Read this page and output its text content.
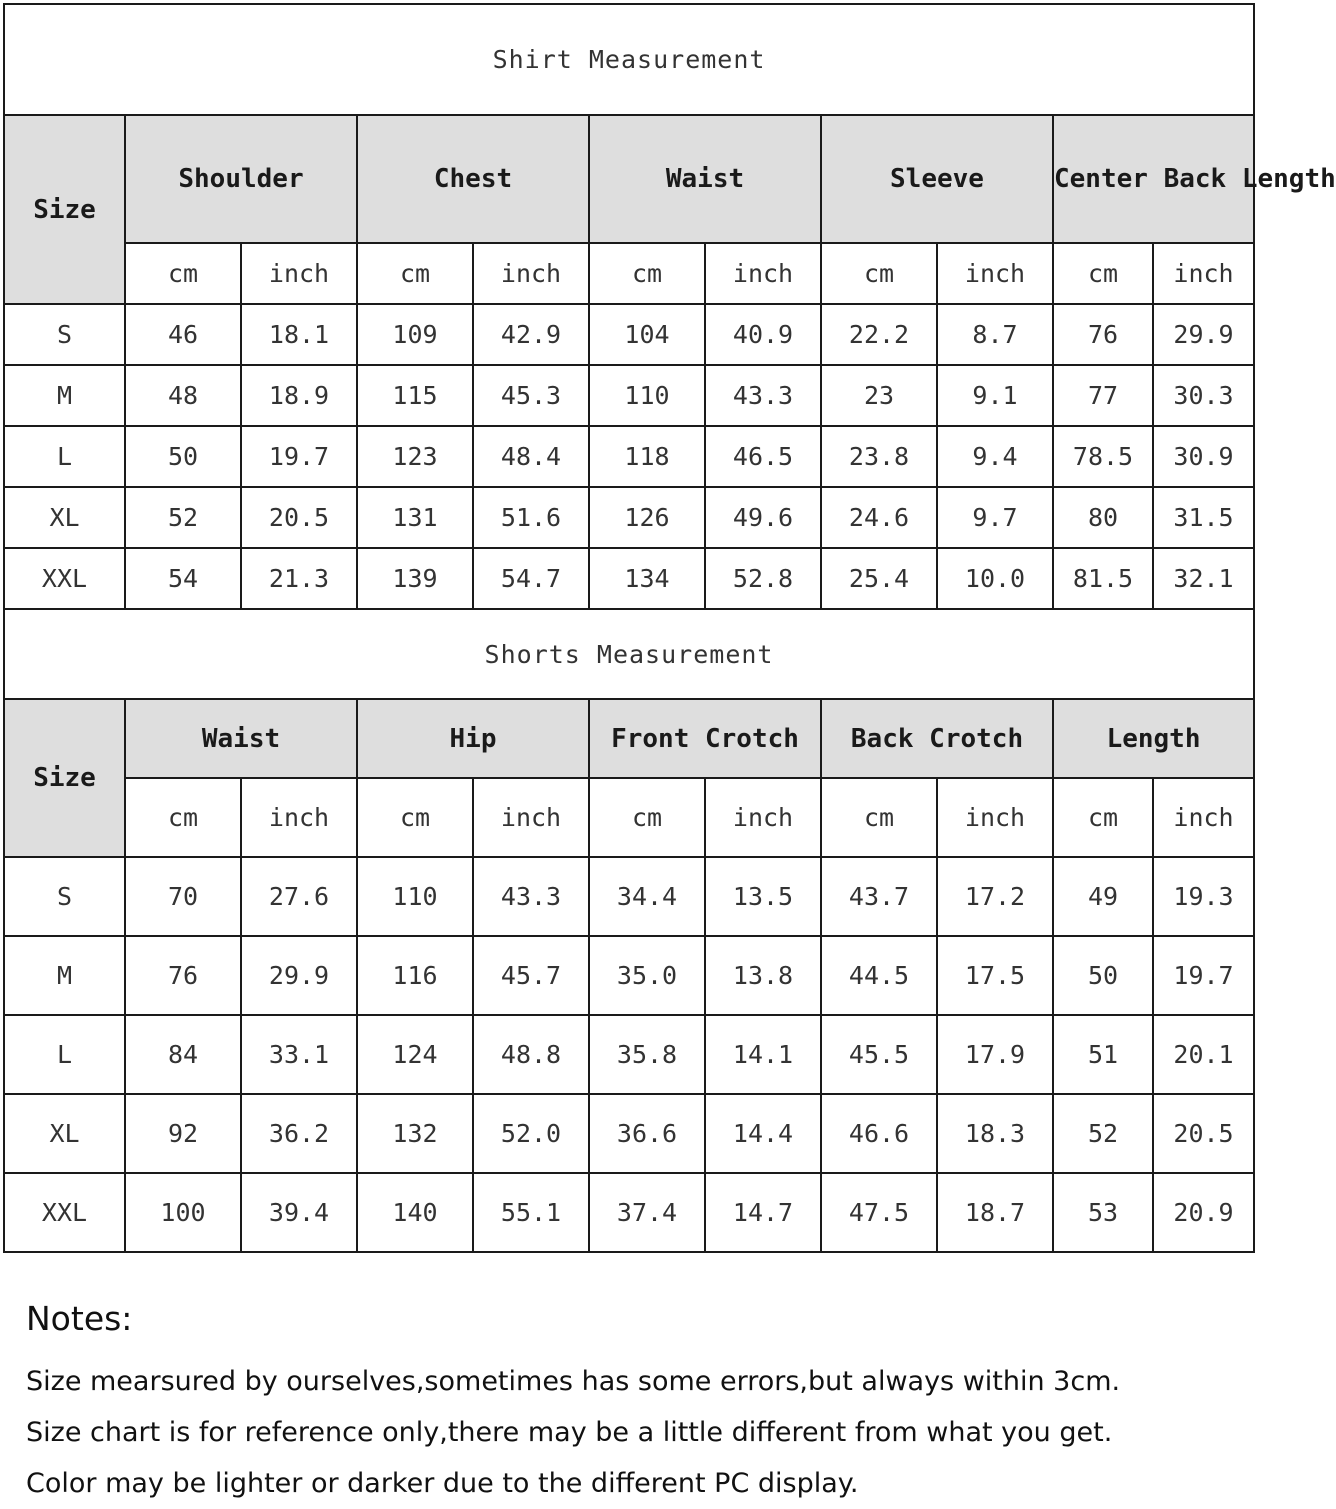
Shirt Measurement										
Size	Shoulder		Chest		Waist		Sleeve		Center Back Length	
	cm	inch	cm	inch	cm	inch	cm	inch	cm	inch
S	46	18.1	109	42.9	104	40.9	22.2	8.7	76	29.9
M	48	18.9	115	45.3	110	43.3	23	9.1	77	30.3
L	50	19.7	123	48.4	118	46.5	23.8	9.4	78.5	30.9
XL	52	20.5	131	51.6	126	49.6	24.6	9.7	80	31.5
XXL	54	21.3	139	54.7	134	52.8	25.4	10.0	81.5	32.1
Shorts Measurement										
Size	Waist		Hip		Front Crotch		Back Crotch		Length	
	cm	inch	cm	inch	cm	inch	cm	inch	cm	inch
S	70	27.6	110	43.3	34.4	13.5	43.7	17.2	49	19.3
M	76	29.9	116	45.7	35.0	13.8	44.5	17.5	50	19.7
L	84	33.1	124	48.8	35.8	14.1	45.5	17.9	51	20.1
XL	92	36.2	132	52.0	36.6	14.4	46.6	18.3	52	20.5
XXL	100	39.4	140	55.1	37.4	14.7	47.5	18.7	53	20.9

Notes:

Size mearsured by ourselves,sometimes has some errors,but always within 3cm.

Size chart is for reference only,there may be a little different from what you get.

Color may be lighter or darker due to the different PC display.
